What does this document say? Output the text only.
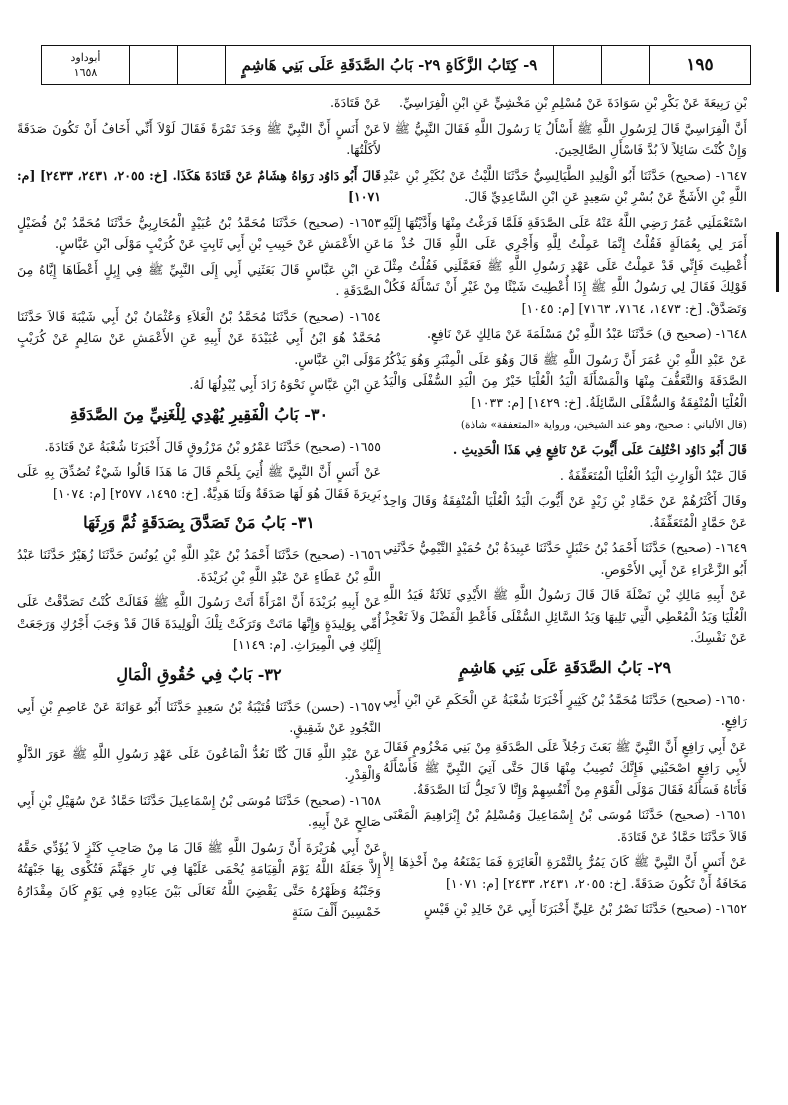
أبوداود
١٦٥٨	٩- كِتَابُ الزَّكَاةِ ٢٩- بَابُ الصَّدَقَةِ عَلَى بَنِي هَاشِمٍ	١٩٥
بْنِ رَبِيعَةَ عَنْ بَكْرِ بْنِ سَوَادَةَ عَنْ مُسْلِمِ بْنِ مَخْشِيٍّ عَنِ ابْنِ الْفِرَاسِيِّ.
أَنَّ الْفِرَاسِيَّ قَالَ لِرَسُولِ اللَّهِ ﷺ أَسْأَلُ يَا رَسُولَ اللَّهِ فَقَالَ النَّبِيُّ ﷺ لاَ وَإِنْ كُنْتَ سَائِلاً لاَ بُدَّ فَاسْأَلِ الصَّالِحِينَ.
١٦٤٧- (صحيح) حَدَّثَنَا أَبُو الْوَلِيدِ الطَّيَالِسِيُّ حَدَّثَنَا اللَّيْثُ عَنْ بُكَيْرِ بْنِ عَبْدِ اللَّهِ بْنِ الأَشَجِّ عَنْ بُسْرِ بْنِ سَعِيدٍ عَنِ ابْنِ السَّاعِدِيِّ قَالَ.
اسْتَعْمَلَنِي عُمَرُ رَضِي اللَّهُ عَنْهُ عَلَى الصَّدَقَةِ فَلَمَّا فَرَغْتُ مِنْهَا وَأَدَّيْتُهَا إِلَيْهِ أَمَرَ لِي بِعُمَالَةٍ فَقُلْتُ إِنَّمَا عَمِلْتُ لِلَّهِ وَأَجْرِي عَلَى اللَّهِ قَالَ خُذْ مَا أُعْطِيتَ فَإِنِّي قَدْ عَمِلْتُ عَلَى عَهْدِ رَسُولِ اللَّهِ ﷺ فَعَمَّلَنِي فَقُلْتُ مِثْلَ قَوْلِكَ فَقَالَ لِي رَسُولُ اللَّهِ ﷺ إِذَا أُعْطِيتَ شَيْئًا مِنْ غَيْرِ أَنْ تَسْأَلَهُ فَكُلْ وَتَصَدَّقْ. [خ: ١٤٧٣، ٧١٦٤، ٧١٦٣] [م: ١٠٤٥]
١٦٤٨- (صحيح ق) حَدَّثَنَا عَبْدُ اللَّهِ بْنُ مَسْلَمَةَ عَنْ مَالِكٍ عَنْ نَافِعٍ.
عَنْ عَبْدِ اللَّهِ بْنِ عُمَرَ أَنَّ رَسُولَ اللَّهِ ﷺ قَالَ وَهُوَ عَلَى الْمِنْبَرِ وَهُوَ يَذْكُرُ الصَّدَقَةَ وَالتَّعَفُّفَ مِنْهَا وَالْمَسْأَلَةَ الْيَدُ الْعُلْيَا خَيْرٌ مِنَ الْيَدِ السُّفْلَى وَالْيَدُ الْعُلْيَا الْمُنْفِقَةُ وَالسُّفْلَى السَّائِلَةُ. [خ: ١٤٢٩] [م: ١٠٣٣]
(قال الألباني : صحيح، وهو عند الشيخين، ورواية «المتعففة» شاذة)
قَالَ أَبُو دَاوُد اخْتُلِفَ عَلَى أَيُّوبَ عَنْ نَافِعٍ فِي هَذَا الْحَدِيثِ .
قَالَ عَبْدُ الْوَارِثِ الْيَدُ الْعُلْيَا الْمُتَعَفِّفَةُ .
وقَالَ أَكْثَرُهُمْ عَنْ حَمَّادِ بْنِ زَيْدٍ عَنْ أَيُّوبَ الْيَدُ الْعُلْيَا الْمُنْفِقَةُ وَقَالَ وَاحِدٌ عَنْ حَمَّادٍ الْمُتَعَفِّفَةُ.
١٦٤٩- (صحيح) حَدَّثَنَا أَحْمَدُ بْنُ حَنْبَلٍ حَدَّثَنَا عَبِيدَةُ بْنُ حُمَيْدٍ التَّيْمِيُّ حَدَّثَنِي أَبُو الزَّعْرَاءِ عَنْ أَبِي الأَحْوَصِ.
عَنْ أَبِيهِ مَالِكِ بْنِ نَضْلَةَ قَالَ قَالَ رَسُولُ اللَّهِ ﷺ الأَيْدِي ثَلاَثَةٌ فَيَدُ اللَّهِ الْعُلْيَا وَيَدُ الْمُعْطِي الَّتِي تَلِيهَا وَيَدُ السَّائِلِ السُّفْلَى فَأَعْطِ الْفَضْلَ وَلاَ تَعْجِزْ عَنْ نَفْسِكَ.
٢٩- بَابُ الصَّدَقَةِ عَلَى بَنِي هَاشِمٍ
١٦٥٠- (صحيح) حَدَّثَنَا مُحَمَّدُ بْنُ كَثِيرٍ أَخْبَرَنَا شُعْبَةُ عَنِ الْحَكَمِ عَنِ ابْنِ أَبِي رَافِعٍ.
عَنْ أَبِي رَافِعٍ أَنَّ النَّبِيَّ ﷺ بَعَثَ رَجُلاً عَلَى الصَّدَقَةِ مِنْ بَنِي مَخْزُومٍ فَقَالَ لأَبِي رَافِعٍ اصْحَبْنِي فَإِنَّكَ تُصِيبُ مِنْهَا قَالَ حَتَّى آتِيَ النَّبِيَّ ﷺ فَأَسْأَلَهُ فَأَتَاهُ فَسَأَلَهُ فَقَالَ مَوْلَى الْقَوْمِ مِنْ أَنْفُسِهِمْ وَإِنَّا لاَ تَحِلُّ لَنَا الصَّدَقَةُ.
١٦٥١- (صحيح) حَدَّثَنَا مُوسَى بْنُ إِسْمَاعِيلَ وَمُسْلِمُ بْنُ إِبْرَاهِيمَ الْمَعْنَى قَالاَ حَدَّثَنَا حَمَّادٌ عَنْ قَتَادَةَ.
عَنْ أَنَسٍ أَنَّ النَّبِيَّ ﷺ كَانَ يَمُرُّ بِالتَّمْرَةِ الْعَائِرَةِ فَمَا يَمْنَعُهُ مِنْ أَخْذِهَا إِلاَّ مَخَافَةُ أَنْ تَكُونَ صَدَقَةً. [خ: ٢٠٥٥، ٢٤٣١، ٢٤٣٣] [م: ١٠٧١]
١٦٥٢- (صحيح) حَدَّثَنَا نَصْرُ بْنُ عَلِيٍّ أَخْبَرَنَا أَبِي عَنْ خَالِدِ بْنِ قَيْسٍ
عَنْ قَتَادَةَ.
عَنْ أَنَسٍ أَنَّ النَّبِيَّ ﷺ وَجَدَ تَمْرَةً فَقَالَ لَوْلاَ أَنِّي أَخَافُ أَنْ تَكُونَ صَدَقَةً لأَكَلْتُهَا.
قَالَ أَبُو دَاوُد رَوَاهُ هِشَامٌ عَنْ قَتَادَةَ هَكَذَا. [خ: ٢٠٥٥، ٢٤٣١، ٢٤٣٣] [م: ١٠٧١]
١٦٥٣- (صحيح) حَدَّثَنَا مُحَمَّدُ بْنُ عُبَيْدٍ الْمُحَارِبِيُّ حَدَّثَنَا مُحَمَّدُ بْنُ فُضَيْلٍ عَنِ الأَعْمَشِ عَنْ حَبِيبِ بْنِ أَبِي ثَابِتٍ عَنْ كُرَيْبٍ مَوْلَى ابْنِ عَبَّاسٍ.
عَنِ ابْنِ عَبَّاسٍ قَالَ بَعَثَنِي أَبِي إِلَى النَّبِيِّ ﷺ فِي إِبِلٍ أَعْطَاهَا إِيَّاهُ مِنَ الصَّدَقَةِ .
١٦٥٤- (صحيح) حَدَّثَنَا مُحَمَّدُ بْنُ الْعَلاَءِ وَعُثْمَانُ بْنُ أَبِي شَيْبَةَ قَالاَ حَدَّثَنَا مُحَمَّدٌ هُوَ ابْنُ أَبِي عُبَيْدَةَ عَنْ أَبِيهِ عَنِ الأَعْمَشِ عَنْ سَالِمٍ عَنْ كُرَيْبٍ مَوْلَى ابْنِ عَبَّاسٍ.
عَنِ ابْنِ عَبَّاسٍ نَحْوَهُ زَادَ أَبِي يُبْدِلُهَا لَهُ.
٣٠- بَابُ الْفَقِيرِ يُهْدِي لِلْغَنِيِّ مِنَ الصَّدَقَةِ
١٦٥٥- (صحيح) حَدَّثَنَا عَمْرُو بْنُ مَرْزُوقٍ قَالَ أَخْبَرَنَا شُعْبَةُ عَنْ قَتَادَةَ.
عَنْ أَنَسٍ أَنَّ النَّبِيَّ ﷺ أُتِيَ بِلَحْمٍ قَالَ مَا هَذَا قَالُوا شَيْءٌ تُصُدِّقَ بِهِ عَلَى بَرِيرَةَ فَقَالَ هُوَ لَهَا صَدَقَةٌ وَلَنَا هَدِيَّةٌ. [خ: ١٤٩٥، ٢٥٧٧] [م: ١٠٧٤]
٣١- بَابُ مَنْ تَصَدَّقَ بِصَدَقَةٍ ثُمَّ وَرِثَهَا
١٦٥٦- (صحيح) حَدَّثَنَا أَحْمَدُ بْنُ عَبْدِ اللَّهِ بْنِ يُونُسَ حَدَّثَنَا زُهَيْرٌ حَدَّثَنَا عَبْدُ اللَّهِ بْنُ عَطَاءٍ عَنْ عَبْدِ اللَّهِ بْنِ بُرَيْدَةَ.
عَنْ أَبِيهِ بُرَيْدَةَ أَنَّ امْرَأَةً أَتَتْ رَسُولَ اللَّهِ ﷺ فَقَالَتْ كُنْتُ تَصَدَّقْتُ عَلَى أُمِّي بِوَلِيدَةٍ وَإِنَّهَا مَاتَتْ وَتَرَكَتْ تِلْكَ الْوَلِيدَةَ قَالَ قَدْ وَجَبَ أَجْرُكِ وَرَجَعَتْ إِلَيْكِ فِي الْمِيرَاثِ. [م: ١١٤٩]
٣٢- بَابٌ فِي حُقُوقِ الْمَالِ
١٦٥٧- (حسن) حَدَّثَنَا قُتَيْبَةُ بْنُ سَعِيدٍ حَدَّثَنَا أَبُو عَوَانَةَ عَنْ عَاصِمِ بْنِ أَبِي النَّجُودِ عَنْ شَقِيقٍ.
عَنْ عَبْدِ اللَّهِ قَالَ كُنَّا نَعُدُّ الْمَاعُونَ عَلَى عَهْدِ رَسُولِ اللَّهِ ﷺ عَوَرَ الدَّلْوِ وَالْقِدْرِ.
١٦٥٨- (صحيح) حَدَّثَنَا مُوسَى بْنُ إِسْمَاعِيلَ حَدَّثَنَا حَمَّادٌ عَنْ سُهَيْلِ بْنِ أَبِي صَالِحٍ عَنْ أَبِيهِ.
عَنْ أَبِي هُرَيْرَةَ أَنَّ رَسُولَ اللَّهِ ﷺ قَالَ مَا مِنْ صَاحِبِ كَنْزٍ لاَ يُؤَدِّي حَقَّهُ إِلاَّ جَعَلَهُ اللَّهُ يَوْمَ الْقِيَامَةِ يُحْمَى عَلَيْهَا فِي نَارِ جَهَنَّمَ فَتُكْوَى بِهَا جَبْهَتُهُ وَجَنْبُهُ وَظَهْرُهُ حَتَّى يَقْضِيَ اللَّهُ تَعَالَى بَيْنَ عِبَادِهِ فِي يَوْمٍ كَانَ مِقْدَارُهُ خَمْسِينَ أَلْفَ سَنَةٍ
